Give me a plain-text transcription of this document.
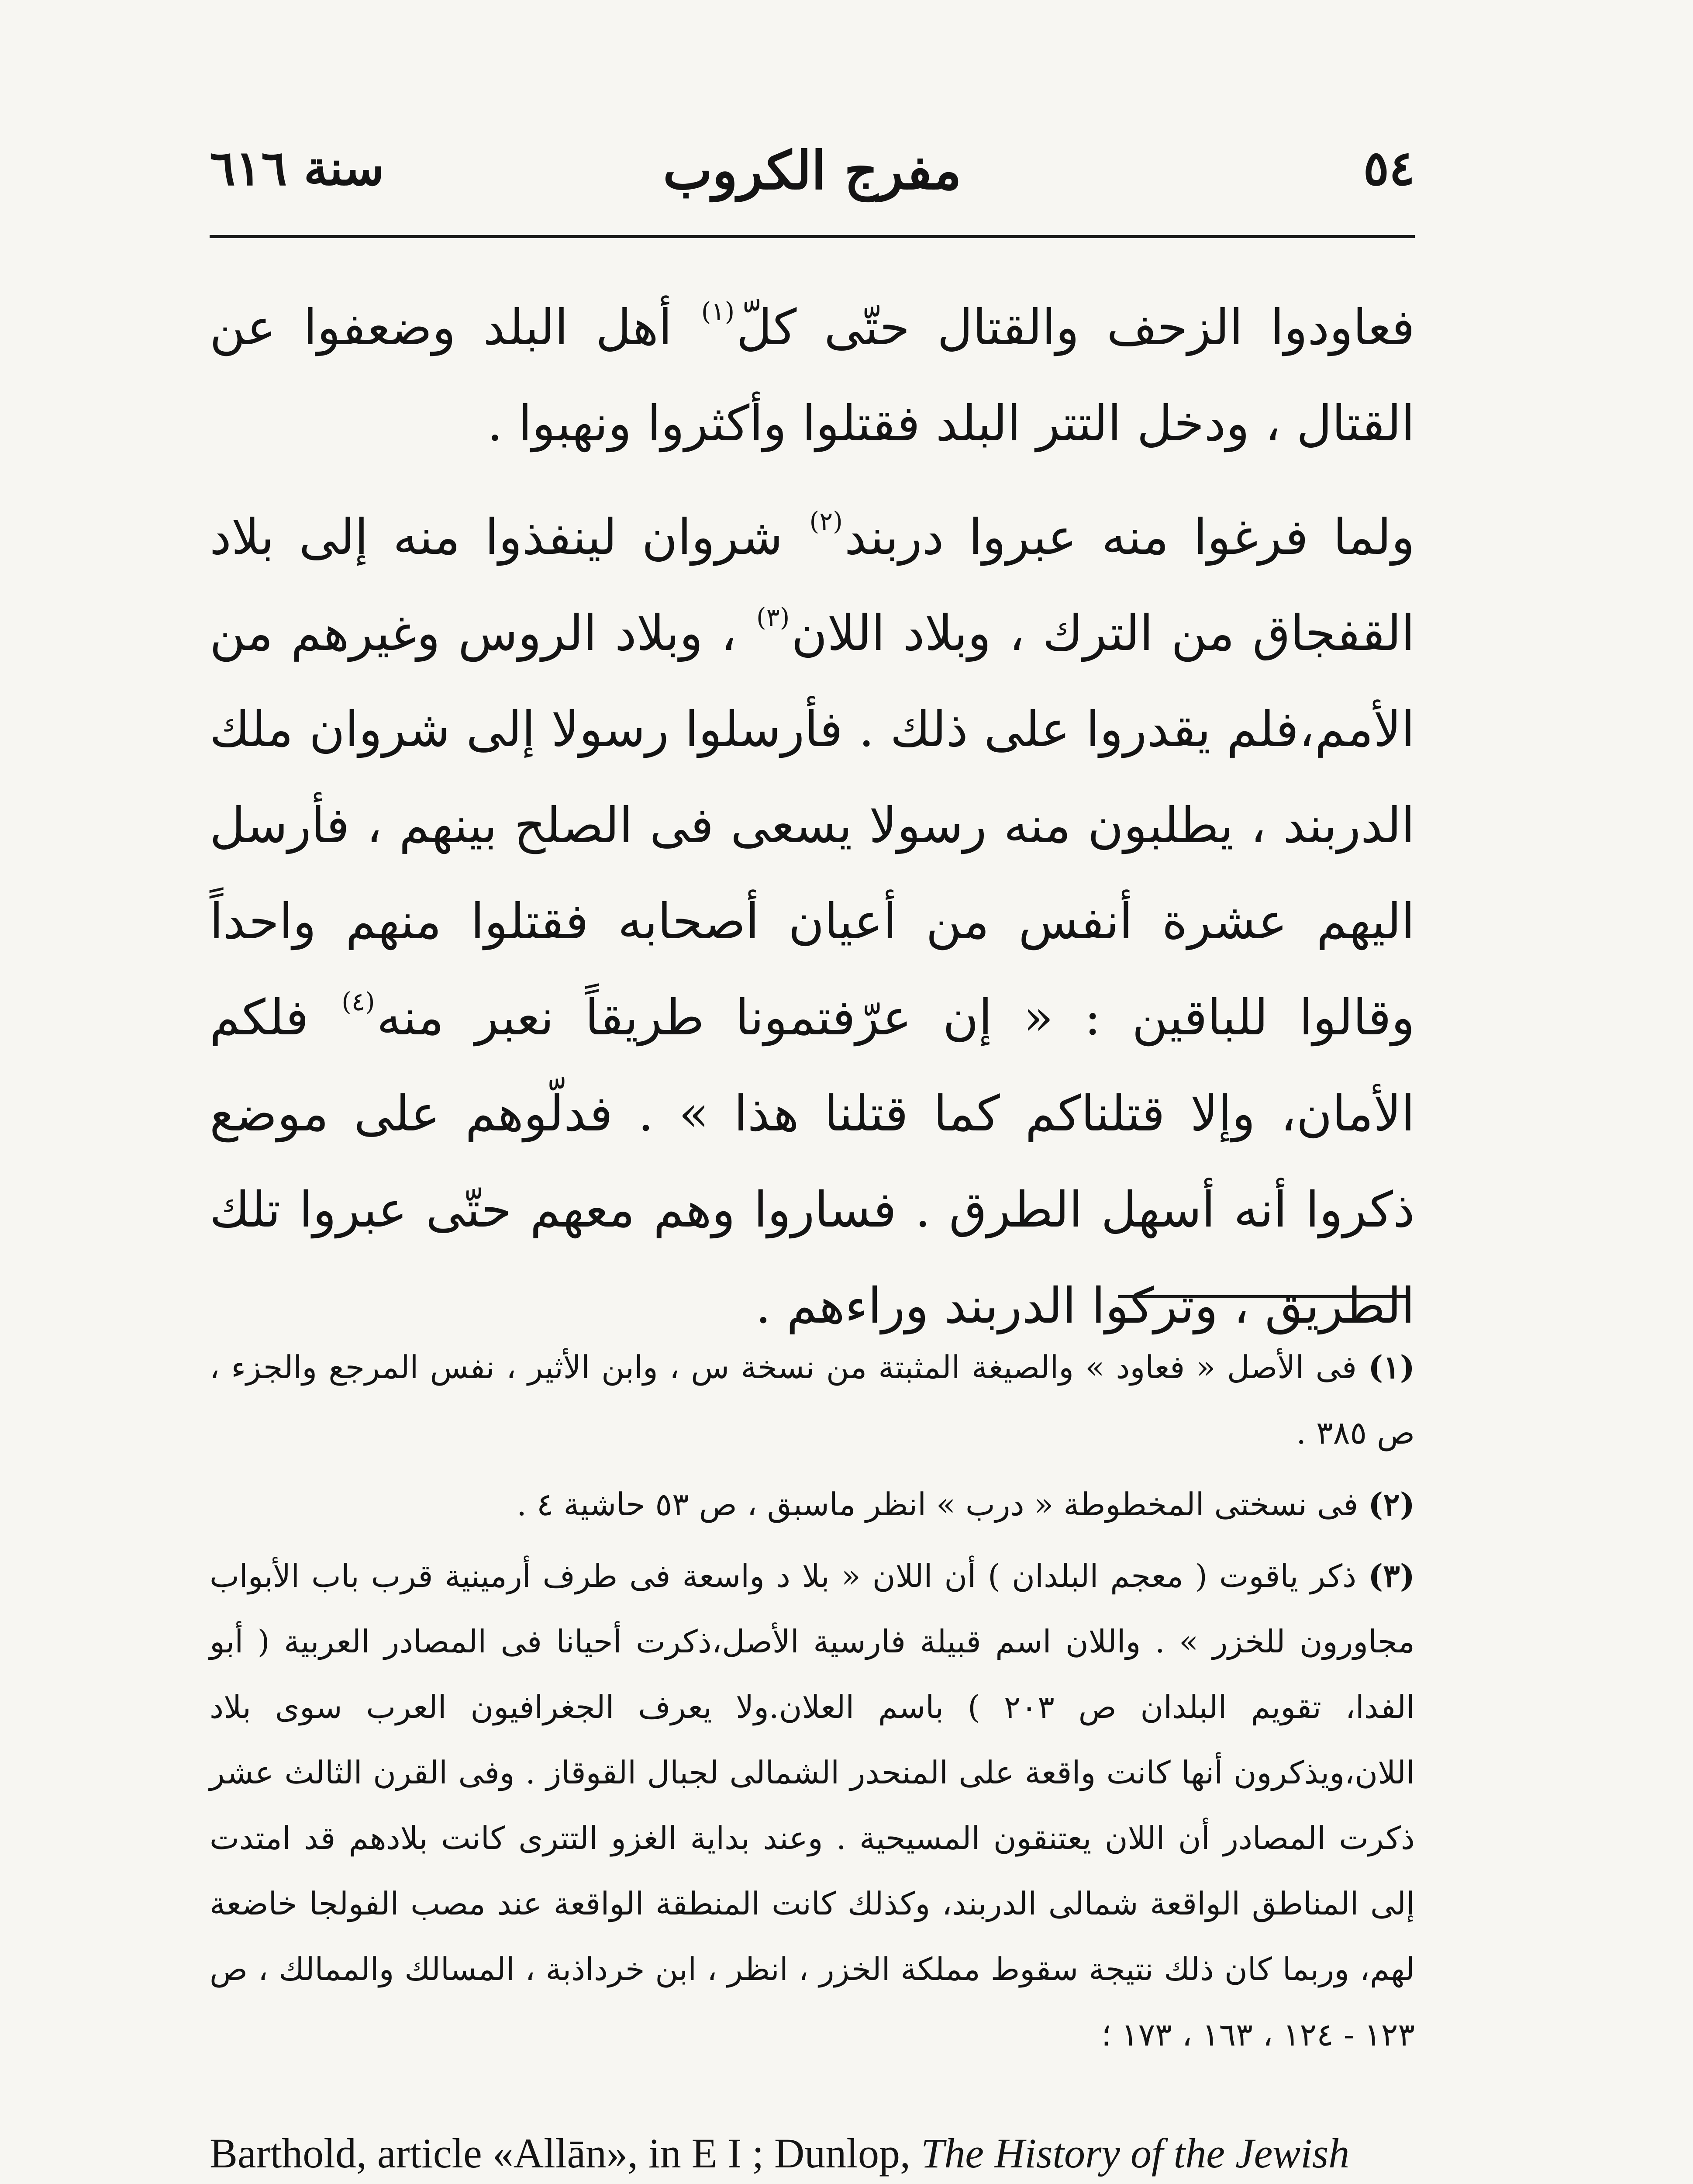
٥٤
مفرج الكروب
سنة ٦١٦

فعاودوا الزحف والقتال حتّى كلّ$^{(١)}$ أهل البلد وضعفوا عن القتال ، ودخل التتر البلد فقتلوا وأكثروا ونهبوا .

ولما فرغوا منه عبروا دربند$^{(٢)}$ شروان لينفذوا منه إلى بلاد القفجاق من الترك ، وبلاد اللان$^{(٣)}$ ، وبلاد الروس وغيرهم من الأمم،فلم يقدروا على ذلك . فأرسلوا رسولا إلى شروان ملك الدربند ، يطلبون منه رسولا يسعى فى الصلح بينهم ، فأرسل اليهم عشرة أنفس من أعيان أصحابه فقتلوا منهم واحداً وقالوا للباقين : « إن عرّفتمونا طريقاً نعبر منه$^{(٤)}$ فلكم الأمان، وإلا قتلناكم كما قتلنا هذا » . فدلّوهم على موضع ذكروا أنه أسهل الطرق . فساروا وهم معهم حتّى عبروا تلك الطريق ، وتركوا الدربند وراءهم .

(١) فى الأصل « فعاود » والصيغة المثبتة من نسخة س ، وابن الأثير ، نفس المرجع والجزء ، ص ٣٨٥ .

(٢) فى نسختى المخطوطة « درب » انظر ماسبق ، ص ٥٣ حاشية ٤ .

(٣) ذكر ياقوت ( معجم البلدان ) أن اللان « بلا د واسعة فى طرف أرمينية قرب باب الأبواب مجاورون للخزر » . واللان اسم قبيلة فارسية الأصل،ذكرت أحيانا فى المصادر العربية ( أبو الفدا، تقويم البلدان ص ٢٠٣ ) باسم العلان.ولا يعرف الجغرافيون العرب سوى بلاد اللان،ويذكرون أنها كانت واقعة على المنحدر الشمالى لجبال القوقاز . وفى القرن الثالث عشر ذكرت المصادر أن اللان يعتنقون المسيحية . وعند بداية الغزو التترى كانت بلادهم قد امتدت إلى المناطق الواقعة شمالى الدربند، وكذلك كانت المنطقة الواقعة عند مصب الفولجا خاضعة لهم، وربما كان ذلك نتيجة سقوط مملكة الخزر ، انظر ، ابن خرداذبة ، المسالك والممالك ، ص ١٢٣ - ١٢٤ ، ١٦٣ ، ١٧٣ ؛

Barthold, article «Allān», in E I ; Dunlop, The History of the Jewish
